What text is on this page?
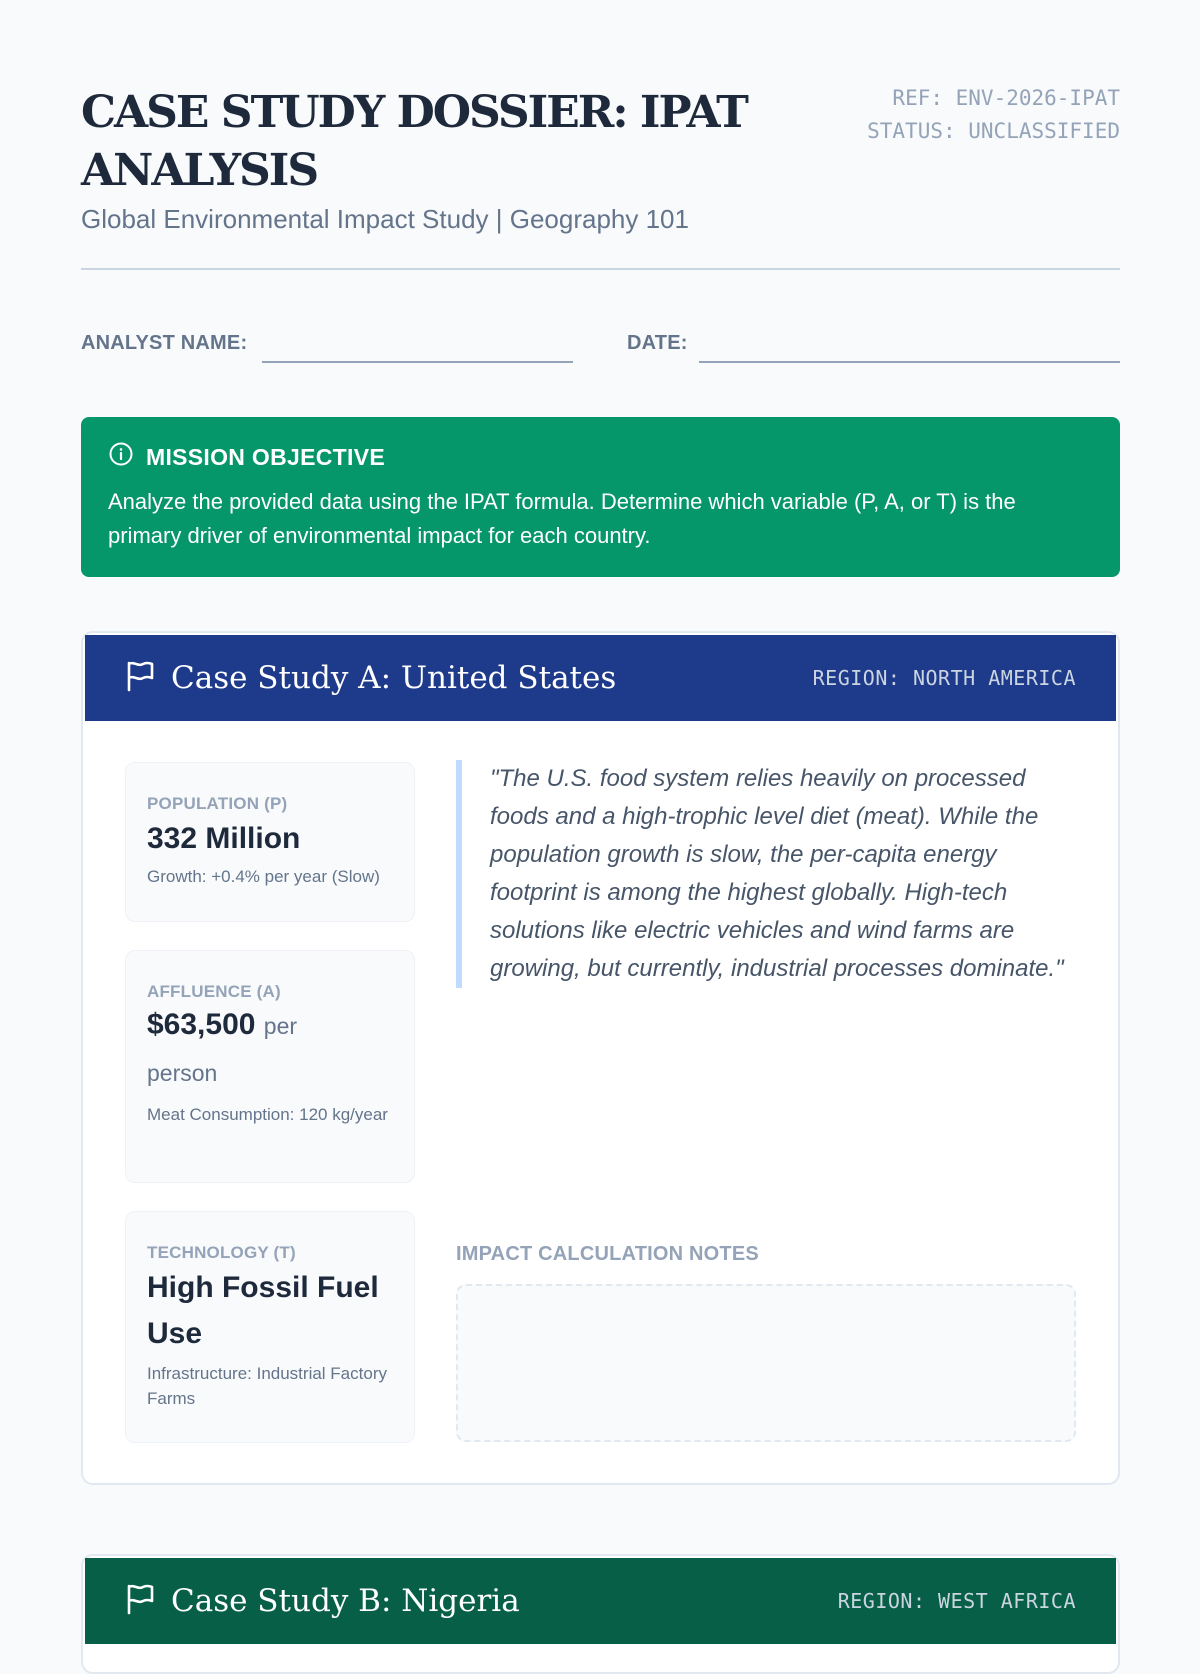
CASE STUDY DOSSIER: IPAT ANALYSIS
Global Environmental Impact Study | Geography 101
REF: ENV-2026-IPAT
STATUS: UNCLASSIFIED
ANALYST NAME:	DATE:
MISSION OBJECTIVE

Analyze the provided data using the IPAT formula. Determine which variable (P, A, or T) is the primary driver of environmental impact for each country.

Case Study A: United States	REGION: NORTH AMERICA
POPULATION (P)
332 Million
Growth: +0.4% per year (Slow)
AFFLUENCE (A)
$63,500 per person
Meat Consumption: 120 kg/year
TECHNOLOGY (T)
High Fossil Fuel Use
Infrastructure: Industrial Factory Farms
"The U.S. food system relies heavily on processed foods and a high-trophic level diet (meat). While the population growth is slow, the per-capita energy footprint is among the highest globally. High-tech solutions like electric vehicles and wind farms are growing, but currently, industrial processes dominate."
IMPACT CALCULATION NOTES
Case Study B: Nigeria	REGION: WEST AFRICA
